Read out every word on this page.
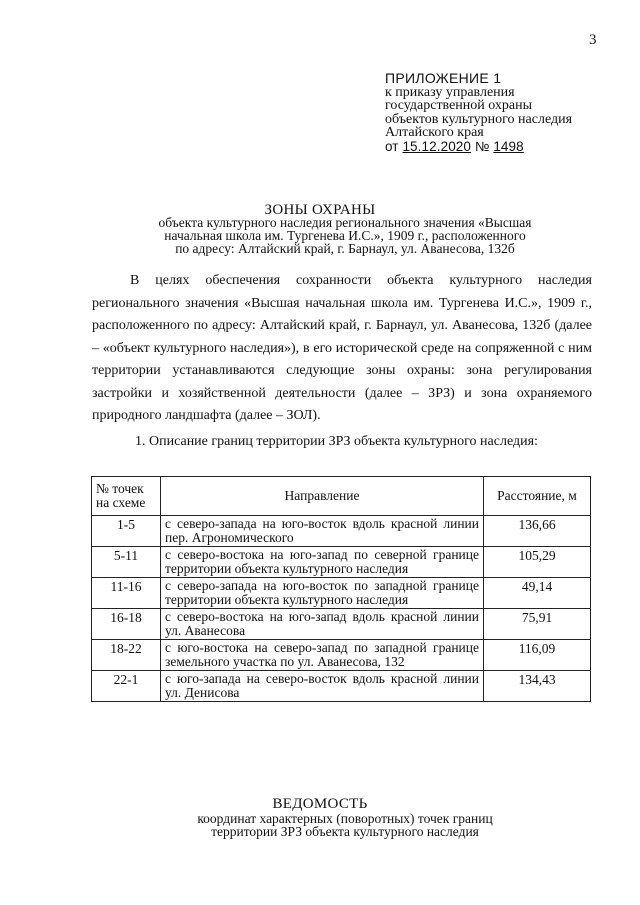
3
ПРИЛОЖЕНИЕ 1
к приказу управления
государственной охраны
объектов культурного наследия
Алтайского края
от 15.12.2020 № 1498
ЗОНЫ ОХРАНЫ
объекта культурного наследия регионального значения «Высшая
начальная школа им. Тургенева И.С.», 1909 г., расположенного
по адресу: Алтайский край, г. Барнаул, ул. Аванесова, 132б
В целях обеспечения сохранности объекта культурного наследия регионального значения «Высшая начальная школа им. Тургенева И.С.», 1909 г., расположенного по адресу: Алтайский край, г. Барнаул, ул. Аванесова, 132б (далее – «объект культурного наследия»), в его исторической среде на сопряженной с ним территории устанавливаются следующие зоны охраны: зона регулирования застройки и хозяйственной деятельности (далее – ЗРЗ) и зона охраняемого природного ландшафта (далее – ЗОЛ).
1. Описание границ территории ЗРЗ объекта культурного наследия:
№ точек на схеме	Направление	Расстояние, м
1-5	с северо-запада на юго-восток вдоль красной линии пер. Агрономического	136,66
5-11	с северо-востока на юго-запад по северной границе территории объекта культурного наследия	105,29
11-16	с северо-запада на юго-восток по западной границе территории объекта культурного наследия	49,14
16-18	с северо-востока на юго-запад вдоль красной линии ул. Аванесова	75,91
18-22	с юго-востока на северо-запад по западной границе земельного участка по ул. Аванесова, 132	116,09
22-1	с юго-запада на северо-восток вдоль красной линии ул. Денисова	134,43
ВЕДОМОСТЬ
координат характерных (поворотных) точек границ
территории ЗРЗ объекта культурного наследия
